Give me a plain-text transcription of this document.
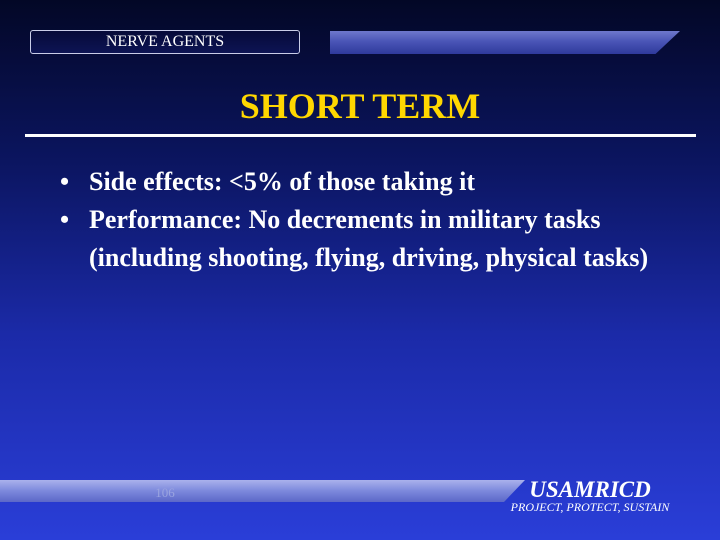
NERVE AGENTS
SHORT TERM
• Side effects: <5% of those taking it
• Performance: No decrements in military tasks (including shooting, flying, driving, physical tasks)
106	USAMRICD
PROJECT, PROTECT, SUSTAIN
